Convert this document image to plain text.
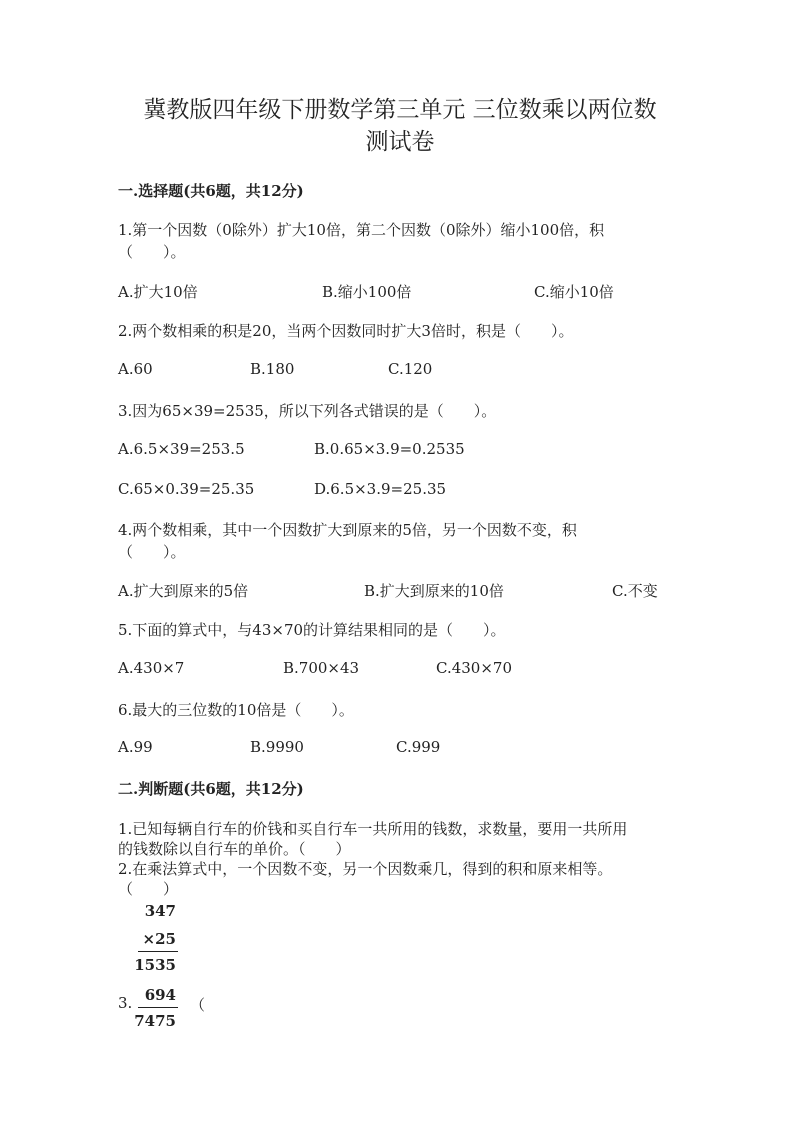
冀教版四年级下册数学第三单元 三位数乘以两位数
测试卷
一.选择题(共6题，共12分)
1.第一个因数（0除外）扩大10倍，第二个因数（0除外）缩小100倍，积
（　　）。
A.扩大10倍	B.缩小100倍	C.缩小10倍
2.两个数相乘的积是20，当两个因数同时扩大3倍时，积是（　　）。
A.60	B.180	C.120
3.因为65×39=2535，所以下列各式错误的是（　　）。
A.6.5×39=253.5	B.0.65×3.9=0.2535
C.65×0.39=25.35	D.6.5×3.9=25.35
4.两个数相乘，其中一个因数扩大到原来的5倍，另一个因数不变，积
（　　）。
A.扩大到原来的5倍	B.扩大到原来的10倍	C.不变
5.下面的算式中，与43×70的计算结果相同的是（　　）。
A.430×7	B.700×43	C.430×70
6.最大的三位数的10倍是（　　）。
A.99	B.9990	C.999
二.判断题(共6题，共12分)
1.已知每辆自行车的价钱和买自行车一共所用的钱数，求数量，要用一共所用
的钱数除以自行车的单价。（　　）
2.在乘法算式中，一个因数不变，另一个因数乘几，得到的积和原来相等。
（　　）
347
×25
1535
3. 694
7475
（
